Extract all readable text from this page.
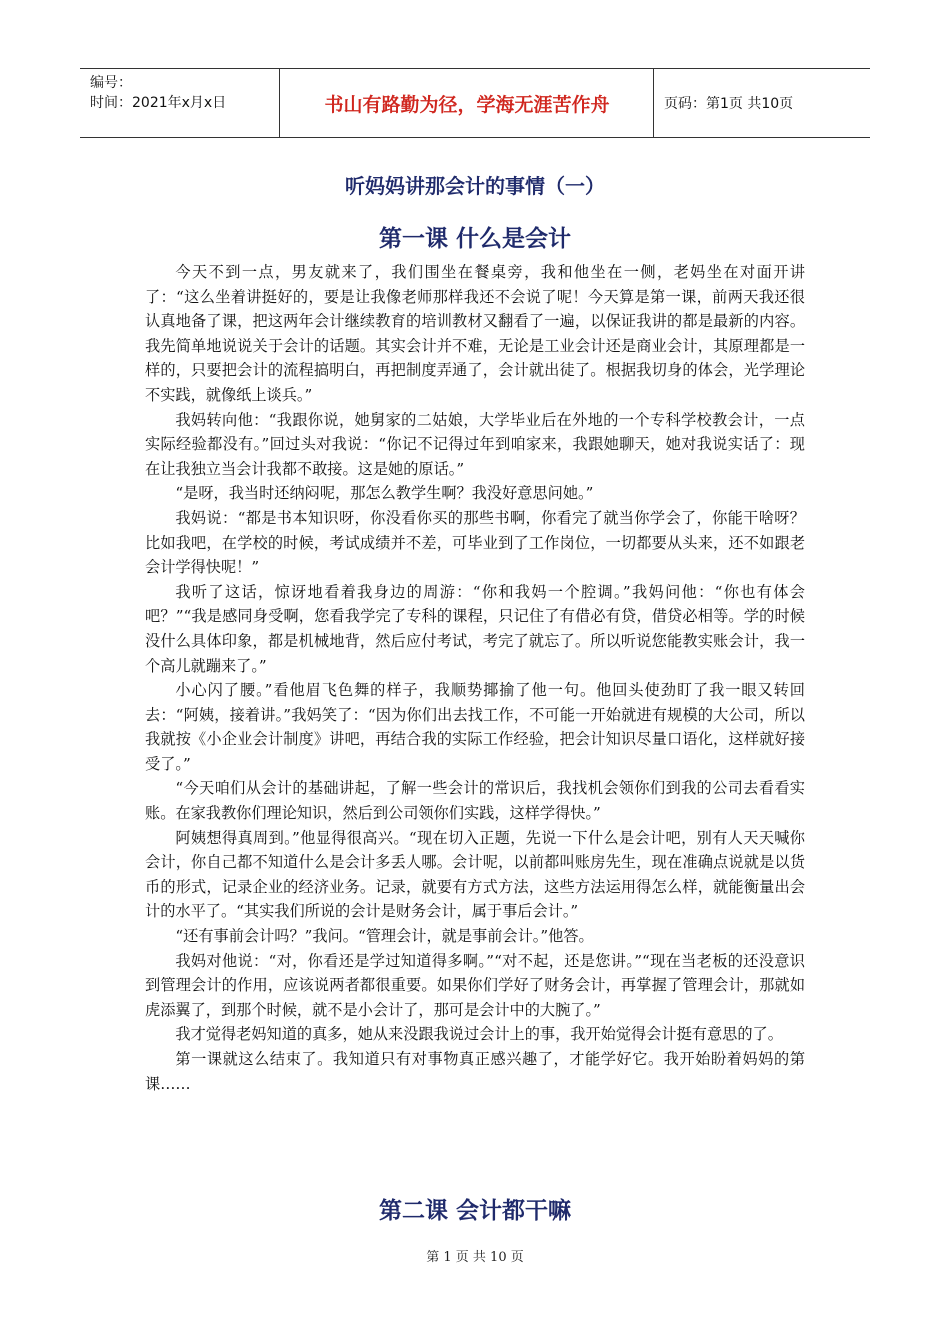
编号：
时间：2021年x月x日	书山有路勤为径，学海无涯苦作舟	页码：第1页 共10页
听妈妈讲那会计的事情（一）
第一课 什么是会计

今天不到一点，男友就来了，我们围坐在餐桌旁，我和他坐在一侧，老妈坐在对面开讲了：“这么坐着讲挺好的，要是让我像老师那样我还不会说了呢！今天算是第一课，前两天我还很认真地备了课，把这两年会计继续教育的培训教材又翻看了一遍，以保证我讲的都是最新的内容。我先简单地说说关于会计的话题。其实会计并不难，无论是工业会计还是商业会计，其原理都是一样的，只要把会计的流程搞明白，再把制度弄通了，会计就出徒了。根据我切身的体会，光学理论不实践，就像纸上谈兵。”

我妈转向他：“我跟你说，她舅家的二姑娘，大学毕业后在外地的一个专科学校教会计，一点实际经验都没有。”回过头对我说：“你记不记得过年到咱家来，我跟她聊天，她对我说实话了：现在让我独立当会计我都不敢接。这是她的原话。”

“是呀，我当时还纳闷呢，那怎么教学生啊？我没好意思问她。”

我妈说：“都是书本知识呀，你没看你买的那些书啊，你看完了就当你学会了，你能干啥呀？比如我吧，在学校的时候，考试成绩并不差，可毕业到了工作岗位，一切都要从头来，还不如跟老会计学得快呢！”

我听了这话，惊讶地看着我身边的周游：“你和我妈一个腔调。”我妈问他：“你也有体会吧？”“我是感同身受啊，您看我学完了专科的课程，只记住了有借必有贷，借贷必相等。学的时候没什么具体印象，都是机械地背，然后应付考试，考完了就忘了。所以听说您能教实账会计，我一个高儿就蹦来了。”

小心闪了腰。”看他眉飞色舞的样子，我顺势揶揄了他一句。他回头使劲盯了我一眼又转回去：“阿姨，接着讲。”我妈笑了：“因为你们出去找工作，不可能一开始就进有规模的大公司，所以我就按《小企业会计制度》讲吧，再结合我的实际工作经验，把会计知识尽量口语化，这样就好接受了。”

“今天咱们从会计的基础讲起，了解一些会计的常识后，我找机会领你们到我的公司去看看实账。在家我教你们理论知识，然后到公司领你们实践，这样学得快。”

阿姨想得真周到。”他显得很高兴。“现在切入正题，先说一下什么是会计吧，别有人天天喊你会计，你自己都不知道什么是会计多丢人哪。会计呢，以前都叫账房先生，现在准确点说就是以货币的形式，记录企业的经济业务。记录，就要有方式方法，这些方法运用得怎么样，就能衡量出会计的水平了。“其实我们所说的会计是财务会计，属于事后会计。”

“还有事前会计吗？”我问。“管理会计，就是事前会计。”他答。

我妈对他说：“对，你看还是学过知道得多啊。”“对不起，还是您讲。”“现在当老板的还没意识到管理会计的作用，应该说两者都很重要。如果你们学好了财务会计，再掌握了管理会计，那就如虎添翼了，到那个时候，就不是小会计了，那可是会计中的大腕了。”

我才觉得老妈知道的真多，她从来没跟我说过会计上的事，我开始觉得会计挺有意思的了。

第一课就这么结束了。我知道只有对事物真正感兴趣了，才能学好它。我开始盼着妈妈的第课……

第二课 会计都干嘛
第 1 页 共 10 页
